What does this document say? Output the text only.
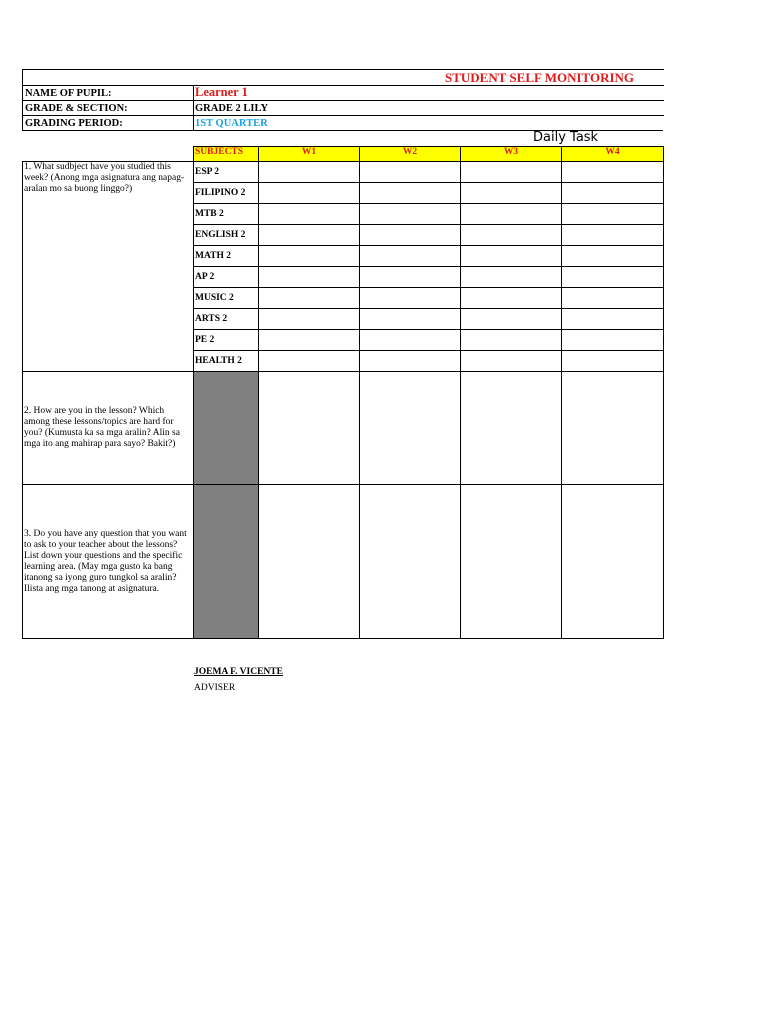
STUDENT SELF MONITORING
NAME OF PUPIL:	Learner 1
GRADE & SECTION:	GRADE 2 LILY
GRADING PERIOD:	1ST QUARTER
Daily Task
	SUBJECTS	W1	W2	W3	W4
1. What sudbject have you studied this week? (Anong mga asignatura ang napag-aralan mo sa buong linggo?)	ESP 2				
	FILIPINO 2				
	MTB 2				
	ENGLISH 2				
	MATH 2				
	AP 2				
	MUSIC 2				
	ARTS 2				
	PE 2				
	HEALTH 2				
2. How are you in the lesson? Which among these lessons/topics are hard for you? (Kumusta ka sa mga aralin? Alin sa mga ito ang mahirap para sayo? Bakit?)					
3. Do you have any question that you want to ask to your teacher about the lessons? List down your questions and the specific learning area. (May mga gusto ka bang itanong sa iyong guro tungkol sa aralin? Ilista ang mga tanong at asignatura.					
JOEMA F. VICENTE
ADVISER
